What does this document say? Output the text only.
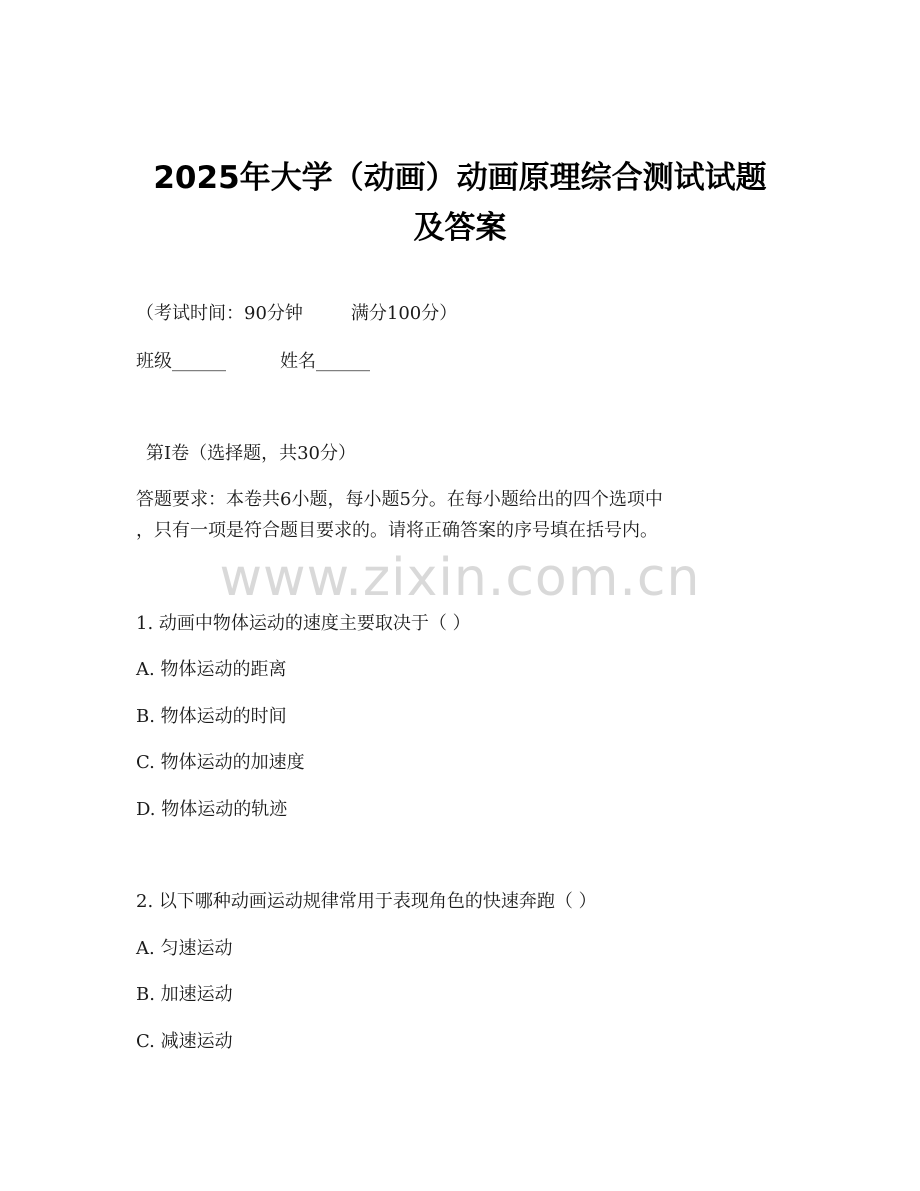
2025年大学（动画）动画原理综合测试试题
及答案
（考试时间：90分钟	满分100分）
班级______	姓名______
第Ⅰ卷（选择题，共30分）
答题要求：本卷共6小题，每小题5分。在每小题给出的四个选项中
，只有一项是符合题目要求的。请将正确答案的序号填在括号内。
www.zixin.com.cn
1. 动画中物体运动的速度主要取决于（ ）
A. 物体运动的距离
B. 物体运动的时间
C. 物体运动的加速度
D. 物体运动的轨迹
2. 以下哪种动画运动规律常用于表现角色的快速奔跑（ ）
A. 匀速运动
B. 加速运动
C. 减速运动
